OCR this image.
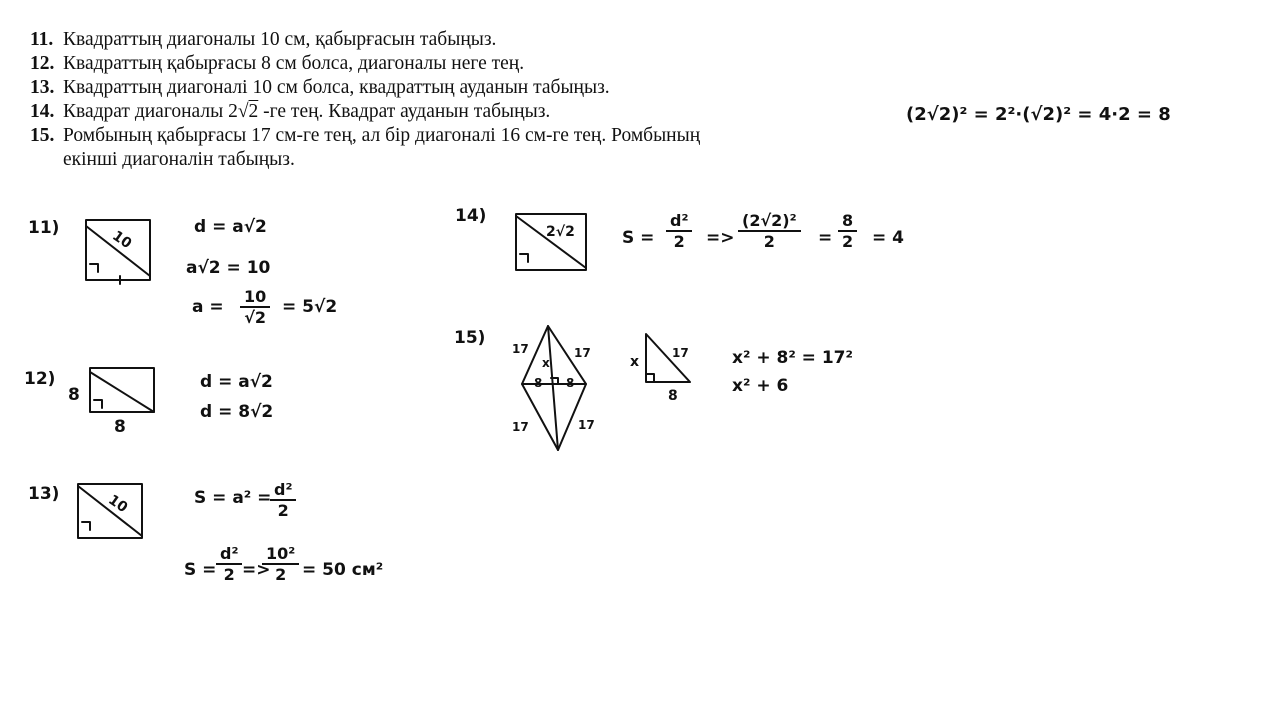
11. Квадраттың диагоналы 10 см, қабырғасын табыңыз.
12. Квадраттың қабырғасы 8 см болса, диагоналы неге тең.
13. Квадраттың диагоналі 10 см болса, квадраттың ауданын табыңыз.
14. Квадрат диагоналы 2√2 -ге тең. Квадрат ауданын табыңыз.
15. Ромбының қабырғасы 17 см-ге тең, ал бір диагоналі 16 см-ге тең. Ромбының
екінші диагоналін табыңыз.
(2√2)² = 2²·(√2)² = 4·2 = 8
11)	10
d = a√2
a√2 = 10
$a = \frac{10}{√2} = 5√2$
12)
8
8
d = a√2
d = 8√2
13)	10	S = a² =
$\frac{\text{d²}}{2}$
$S = \frac{\text{d²}}{2}$ =>
$\frac{\text{10²}}{2} = 50$ см²
14)
2√2	$S = \frac{\text{d²}}{2} => \frac{\text{(2√2)²}}{2} = \frac{8}{2} = 4$
15)
17	17
17	17
x
8 8
x
17
8
x² + 8² = 17²
x² + 6
